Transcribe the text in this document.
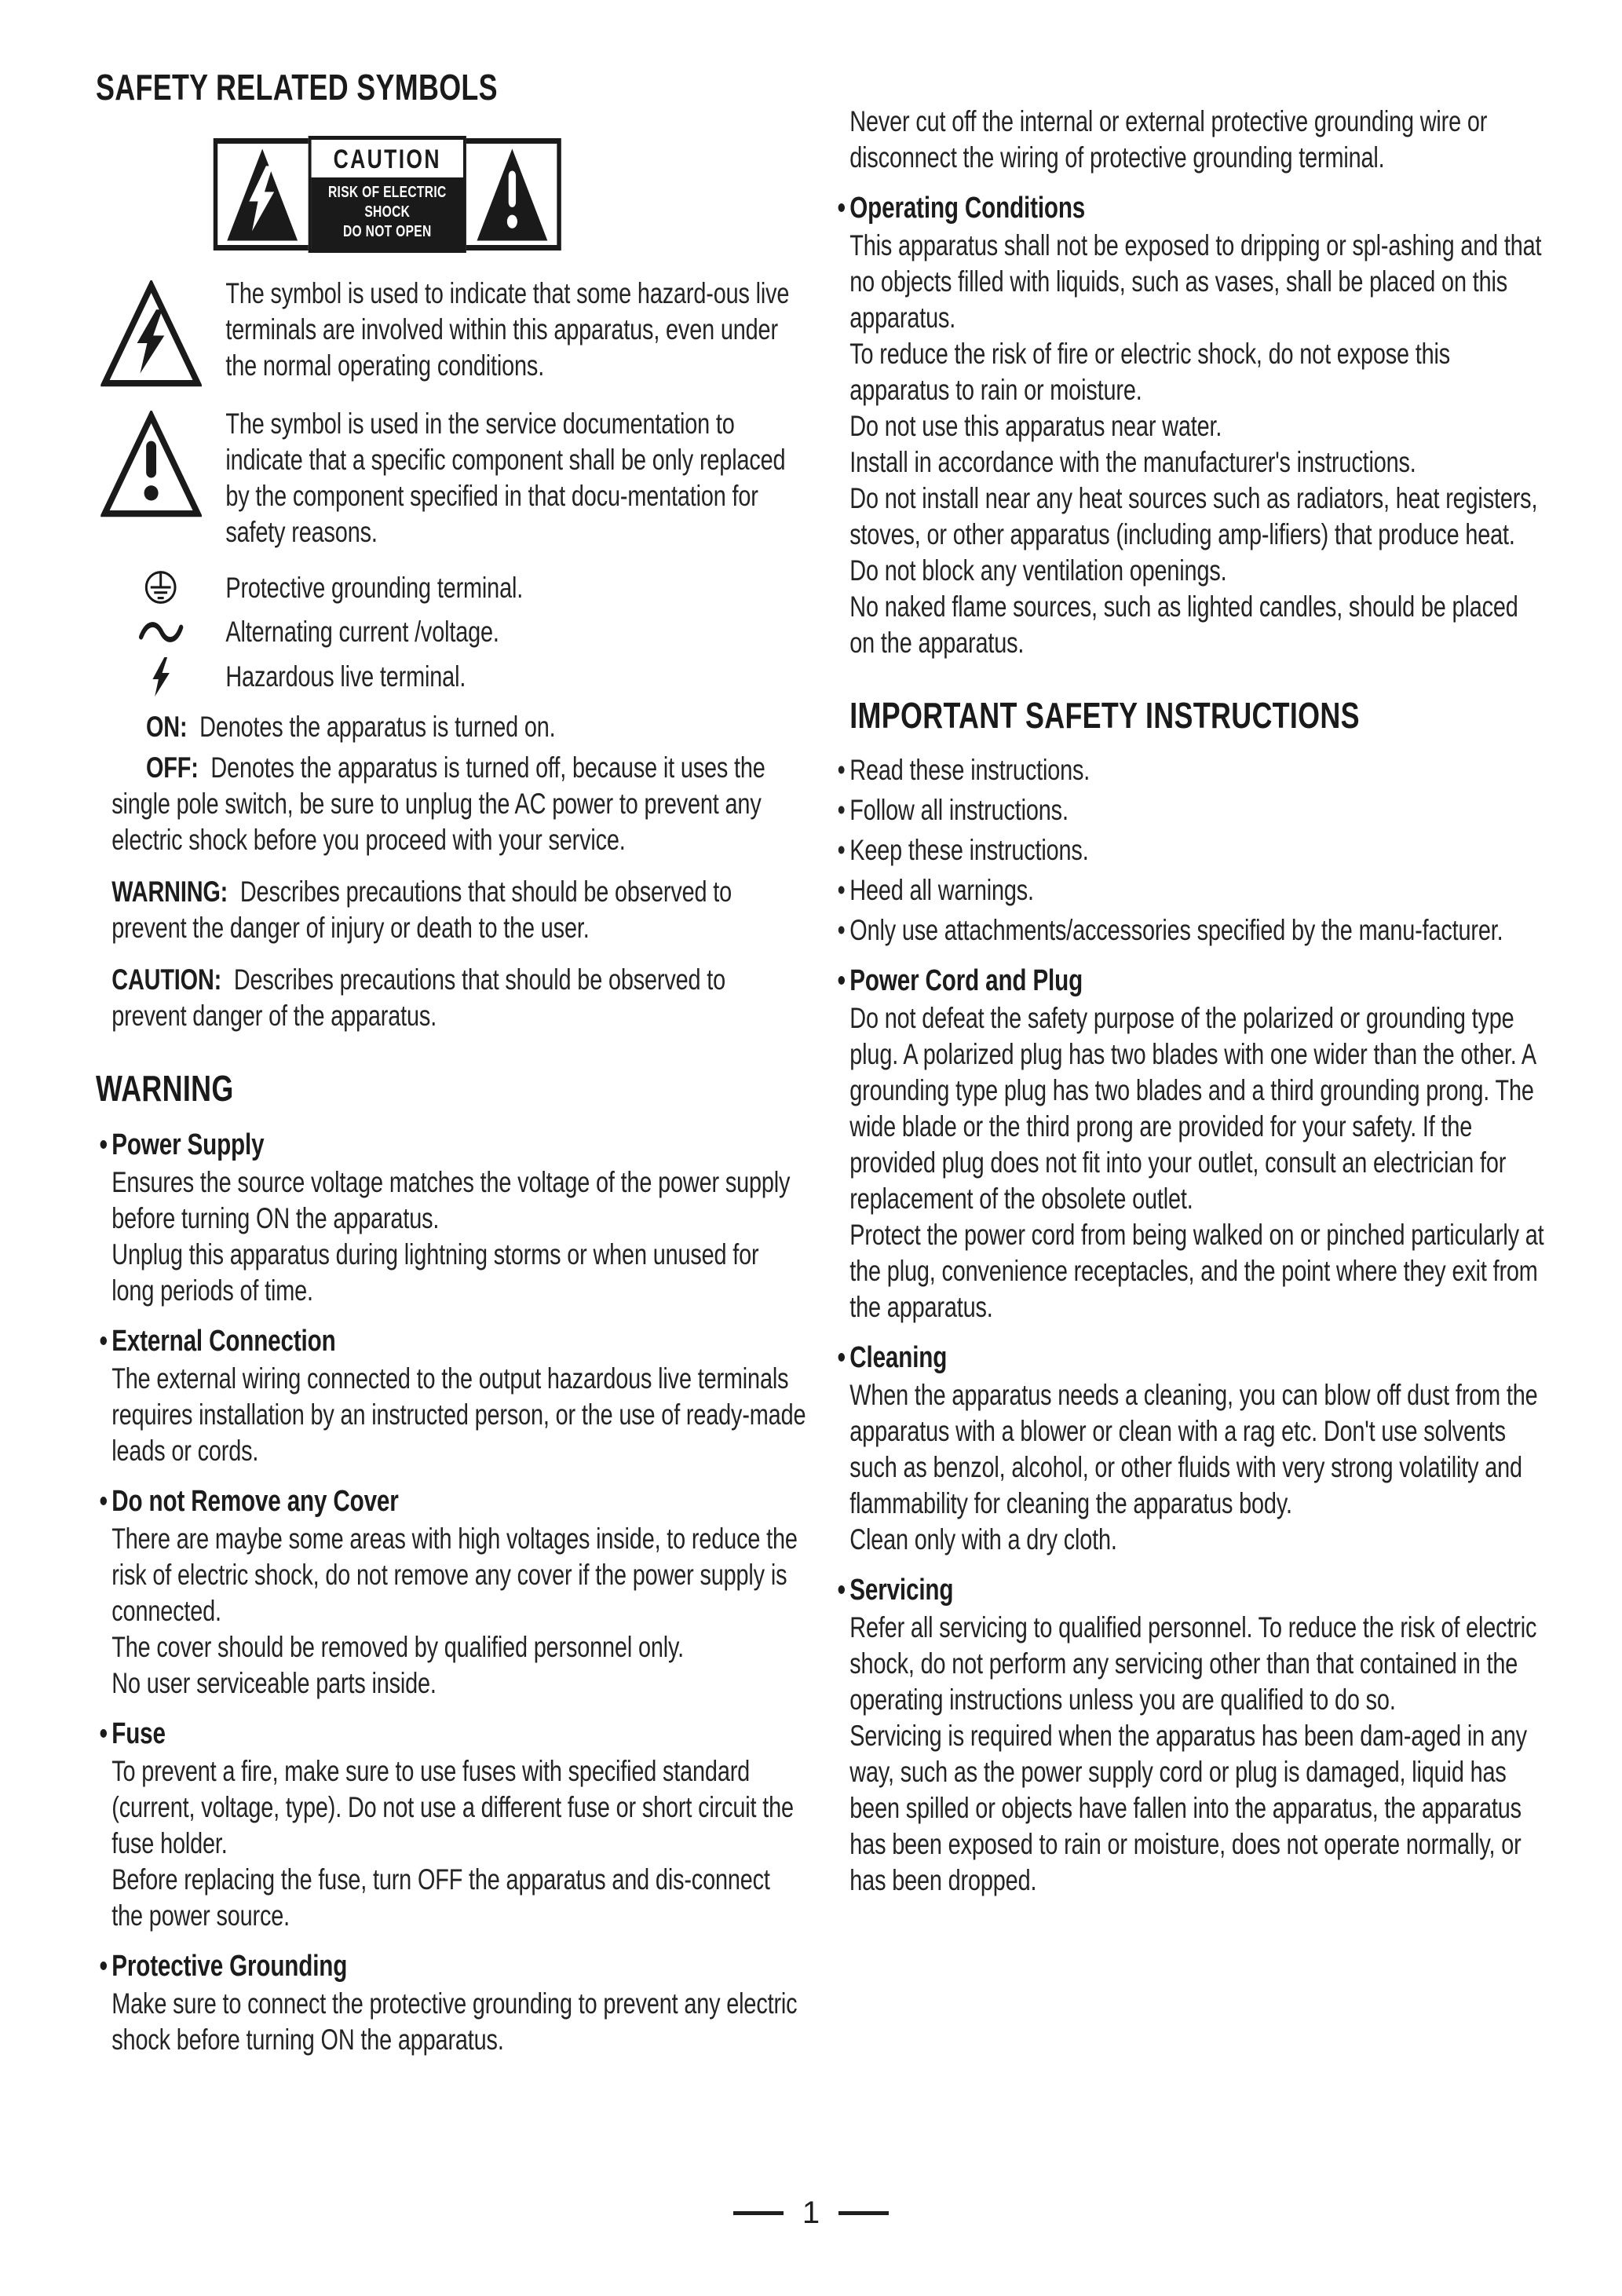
SAFETY RELATED SYMBOLS
CAUTION
RISK OF ELECTRIC SHOCK
DO NOT OPEN

The symbol is used to indicate that some hazard-ous live terminals are involved within this apparatus, even under the normal operating conditions.

The symbol is used in the service documentation to indicate that a specific component shall be only replaced by the component specified in that docu-mentation for safety reasons.

Protective grounding terminal.

Alternating current /voltage.

Hazardous live terminal.

ON: Denotes the apparatus is turned on.

OFF: Denotes the apparatus is turned off, because it uses the single pole switch, be sure to unplug the AC power to prevent any electric shock before you proceed with your service.

WARNING: Describes precautions that should be observed to prevent the danger of injury or death to the user.

CAUTION: Describes precautions that should be observed to prevent danger of the apparatus.

WARNING
• Power Supply

Ensures the source voltage matches the voltage of the power supply before turning ON the apparatus.

Unplug this apparatus during lightning storms or when unused for long periods of time.

• External Connection

The external wiring connected to the output hazardous live terminals requires installation by an instructed person, or the use of ready-made leads or cords.

• Do not Remove any Cover

There are maybe some areas with high voltages inside, to reduce the risk of electric shock, do not remove any cover if the power supply is connected.

The cover should be removed by qualified personnel only.

No user serviceable parts inside.

• Fuse

To prevent a fire, make sure to use fuses with specified standard (current, voltage, type). Do not use a different fuse or short circuit the fuse holder.

Before replacing the fuse, turn OFF the apparatus and dis-connect the power source.

• Protective Grounding

Make sure to connect the protective grounding to prevent any electric shock before turning ON the apparatus.

Never cut off the internal or external protective grounding wire or disconnect the wiring of protective grounding terminal.

• Operating Conditions

This apparatus shall not be exposed to dripping or spl-ashing and that no objects filled with liquids, such as vases, shall be placed on this apparatus.

To reduce the risk of fire or electric shock, do not expose this apparatus to rain or moisture.

Do not use this apparatus near water.

Install in accordance with the manufacturer's instructions.

Do not install near any heat sources such as radiators, heat registers, stoves, or other apparatus (including amp-lifiers) that produce heat.

Do not block any ventilation openings.

No naked flame sources, such as lighted candles, should be placed on the apparatus.

IMPORTANT SAFETY INSTRUCTIONS

• Read these instructions.

• Follow all instructions.

• Keep these instructions.

• Heed all warnings.

• Only use attachments/accessories specified by the manu-facturer.

• Power Cord and Plug

Do not defeat the safety purpose of the polarized or grounding type plug. A polarized plug has two blades with one wider than the other. A grounding type plug has two blades and a third grounding prong. The wide blade or the third prong are provided for your safety. If the provided plug does not fit into your outlet, consult an electrician for replacement of the obsolete outlet.

Protect the power cord from being walked on or pinched particularly at the plug, convenience receptacles, and the point where they exit from the apparatus.

• Cleaning

When the apparatus needs a cleaning, you can blow off dust from the apparatus with a blower or clean with a rag etc. Don't use solvents such as benzol, alcohol, or other fluids with very strong volatility and flammability for cleaning the apparatus body.

Clean only with a dry cloth.

• Servicing

Refer all servicing to qualified personnel. To reduce the risk of electric shock, do not perform any servicing other than that contained in the operating instructions unless you are qualified to do so.

Servicing is required when the apparatus has been dam-aged in any way, such as the power supply cord or plug is damaged, liquid has been spilled or objects have fallen into the apparatus, the apparatus has been exposed to rain or moisture, does not operate normally, or has been dropped.

1
